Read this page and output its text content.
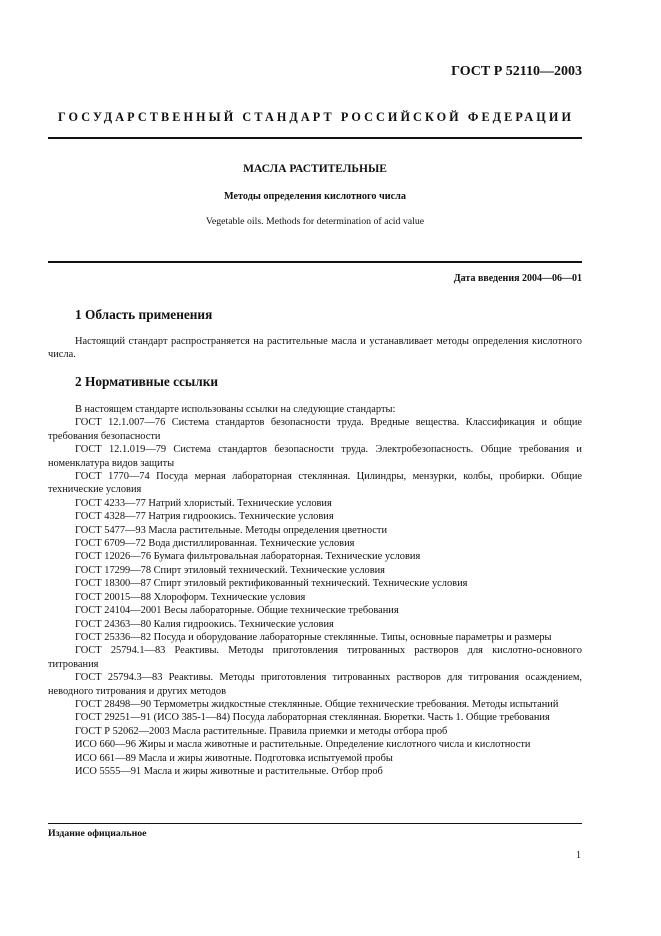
ГОСТ Р 52110—2003
ГОСУДАРСТВЕННЫЙ СТАНДАРТ РОССИЙСКОЙ ФЕДЕРАЦИИ
МАСЛА РАСТИТЕЛЬНЫЕ
Методы определения кислотного числа
Vegetable oils. Methods for determination of acid value
Дата введения 2004—06—01
1 Область применения
Настоящий стандарт распространяется на растительные масла и устанавливает методы определения кислотного числа.
2 Нормативные ссылки
В настоящем стандарте использованы ссылки на следующие стандарты:
ГОСТ 12.1.007—76 Система стандартов безопасности труда. Вредные вещества. Классификация и общие требования безопасности
ГОСТ 12.1.019—79 Система стандартов безопасности труда. Электробезопасность. Общие требования и номенклатура видов защиты
ГОСТ 1770—74 Посуда мерная лабораторная стеклянная. Цилиндры, мензурки, колбы, пробирки. Общие технические условия
ГОСТ 4233—77 Натрий хлористый. Технические условия
ГОСТ 4328—77 Натрия гидроокись. Технические условия
ГОСТ 5477—93 Масла растительные. Методы определения цветности
ГОСТ 6709—72 Вода дистиллированная. Технические условия
ГОСТ 12026—76 Бумага фильтровальная лабораторная. Технические условия
ГОСТ 17299—78 Спирт этиловый технический. Технические условия
ГОСТ 18300—87 Спирт этиловый ректификованный технический. Технические условия
ГОСТ 20015—88 Хлороформ. Технические условия
ГОСТ 24104—2001 Весы лабораторные. Общие технические требования
ГОСТ 24363—80 Калия гидроокись. Технические условия
ГОСТ 25336—82 Посуда и оборудование лабораторные стеклянные. Типы, основные параметры и размеры
ГОСТ 25794.1—83 Реактивы. Методы приготовления титрованных растворов для кислотно-основного титрования
ГОСТ 25794.3—83 Реактивы. Методы приготовления титрованных растворов для титрования осаждением, неводного титрования и других методов
ГОСТ 28498—90 Термометры жидкостные стеклянные. Общие технические требования. Методы испытаний
ГОСТ 29251—91 (ИСО 385-1—84) Посуда лабораторная стеклянная. Бюретки. Часть 1. Общие требования
ГОСТ Р 52062—2003 Масла растительные. Правила приемки и методы отбора проб
ИСО 660—96 Жиры и масла животные и растительные. Определение кислотного числа и кислотности
ИСО 661—89 Масла и жиры животные. Подготовка испытуемой пробы
ИСО 5555—91 Масла и жиры животные и растительные. Отбор проб
Издание официальное
1
